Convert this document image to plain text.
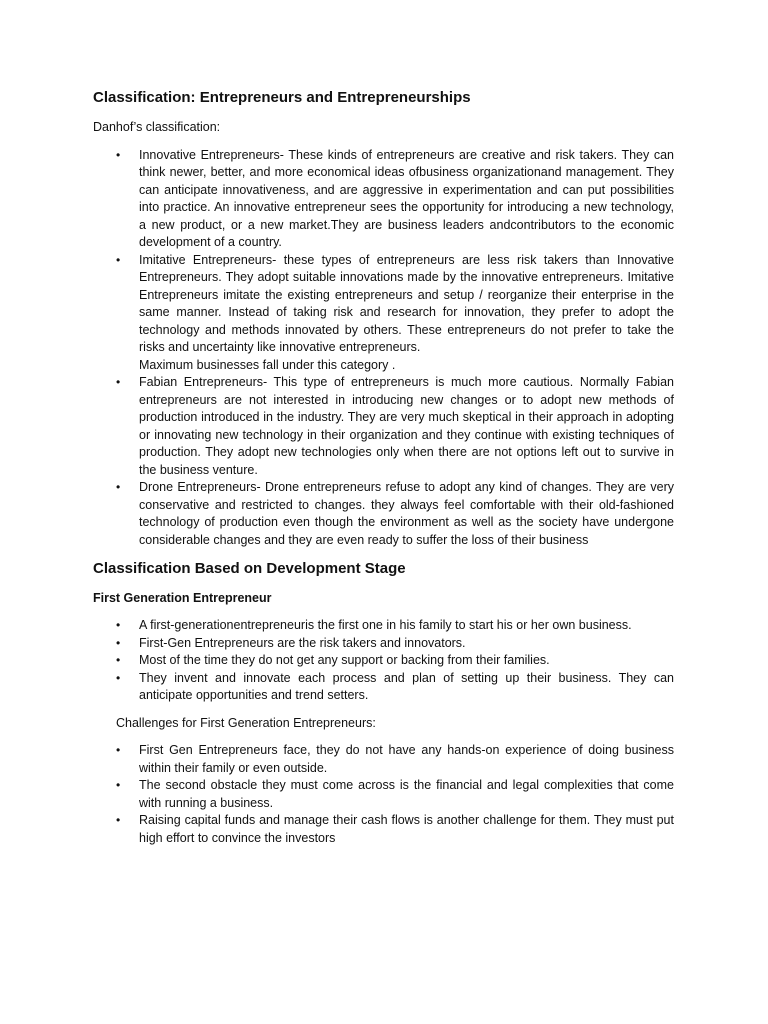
Classification: Entrepreneurs and Entrepreneurships
Danhof’s classification:
• Innovative Entrepreneurs- These kinds of entrepreneurs are creative and risk takers. They can think newer, better, and more economical ideas ofbusiness organizationand management. They can anticipate innovativeness, and are aggressive in experimentation and can put possibilities into practice. An innovative entrepreneur sees the opportunity for introducing a new technology, a new product, or a new market.They are business leaders andcontributors to the economic development of a country.
• Imitative Entrepreneurs- these types of entrepreneurs are less risk takers than Innovative Entrepreneurs. They adopt suitable innovations made by the innovative entrepreneurs. Imitative Entrepreneurs imitate the existing entrepreneurs and setup / reorganize their enterprise in the same manner. Instead of taking risk and research for innovation, they prefer to adopt the technology and methods innovated by others. These entrepreneurs do not prefer to take the risks and uncertainty like innovative entrepreneurs.
Maximum businesses fall under this category .
• Fabian Entrepreneurs- This type of entrepreneurs is much more cautious. Normally Fabian entrepreneurs are not interested in introducing new changes or to adopt new methods of production introduced in the industry. They are very much skeptical in their approach in adopting or innovating new technology in their organization and they continue with existing techniques of production. They adopt new technologies only when there are not options left out to survive in the business venture.
• Drone Entrepreneurs- Drone entrepreneurs refuse to adopt any kind of changes. They are very conservative and restricted to changes. they always feel comfortable with their old-fashioned technology of production even though the environment as well as the society have undergone considerable changes and they are even ready to suffer the loss of their business
Classification Based on Development Stage
First Generation Entrepreneur
• A first-generationentrepreneuris the first one in his family to start his or her own business.
• First-Gen Entrepreneurs are the risk takers and innovators.
• Most of the time they do not get any support or backing from their families.
• They invent and innovate each process and plan of setting up their business. They can anticipate opportunities and trend setters.
Challenges for First Generation Entrepreneurs:
• First Gen Entrepreneurs face, they do not have any hands-on experience of doing business within their family or even outside.
• The second obstacle they must come across is the financial and legal complexities that come with running a business.
• Raising capital funds and manage their cash flows is another challenge for them. They must put high effort to convince the investors
